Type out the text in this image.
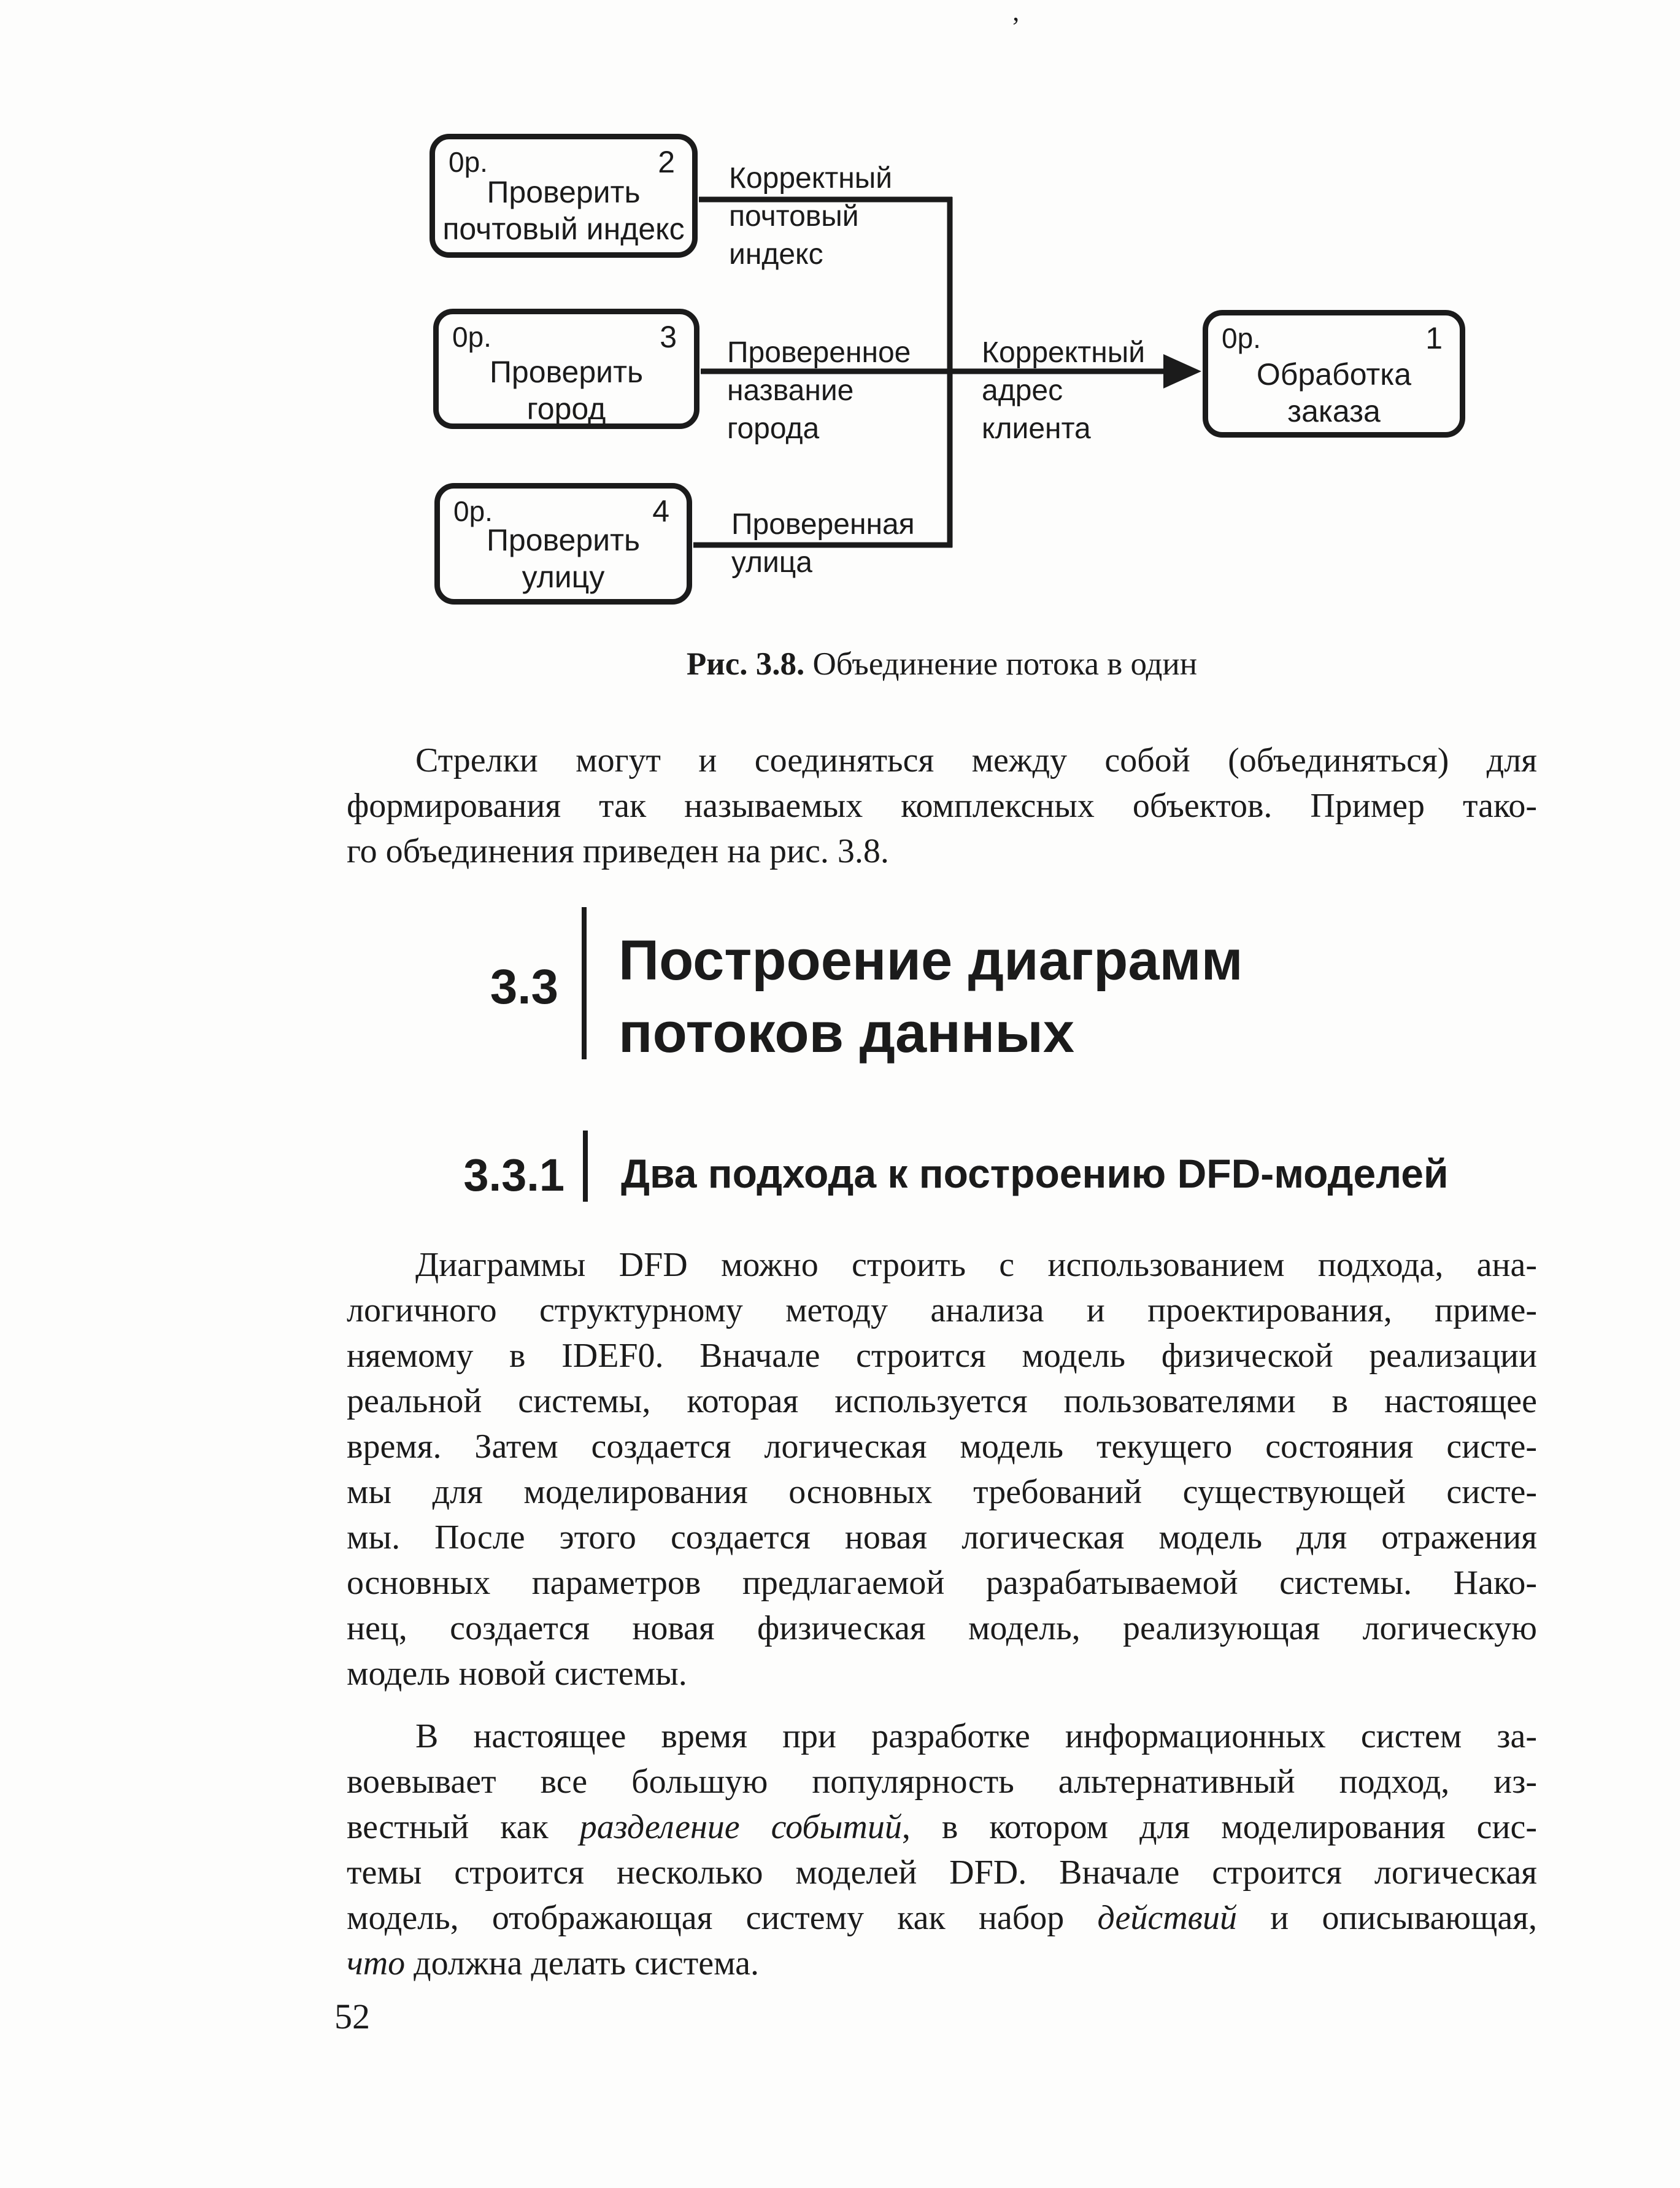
’
0р.	2
Проверить
почтовый индекс
0р.	3
Проверить
город
0р.	4
Проверить
улицу
0р.	1
Обработка
заказа
Корректный
почтовый
индекс
Проверенное
название
города
Проверенная
улица
Корректный
адрес
клиента
Рис. 3.8. Объединение потока в один
Стрелки могут и соединяться между собой (объединяться) для
формирования так называемых комплексных объектов. Пример тако-
го объединения приведен на рис. 3.8.
3.3 Построение диаграмм
потоков данных
3.3.1 Два подхода к построению DFD-моделей
Диаграммы DFD можно строить с использованием подхода, ана-
логичного структурному методу анализа и проектирования, приме-
няемому в IDEF0. Вначале строится модель физической реализации
реальной системы, которая используется пользователями в настоящее
время. Затем создается логическая модель текущего состояния систе-
мы для моделирования основных требований существующей систе-
мы. После этого создается новая логическая модель для отражения
основных параметров предлагаемой разрабатываемой системы. Нако-
нец, создается новая физическая модель, реализующая логическую
модель новой системы.
В настоящее время при разработке информационных систем за-
воевывает все большую популярность альтернативный подход, из-
вестный как разделение событий, в котором для моделирования сис-
темы строится несколько моделей DFD. Вначале строится логическая
модель, отображающая систему как набор действий и описывающая,
что должна делать система.
52
